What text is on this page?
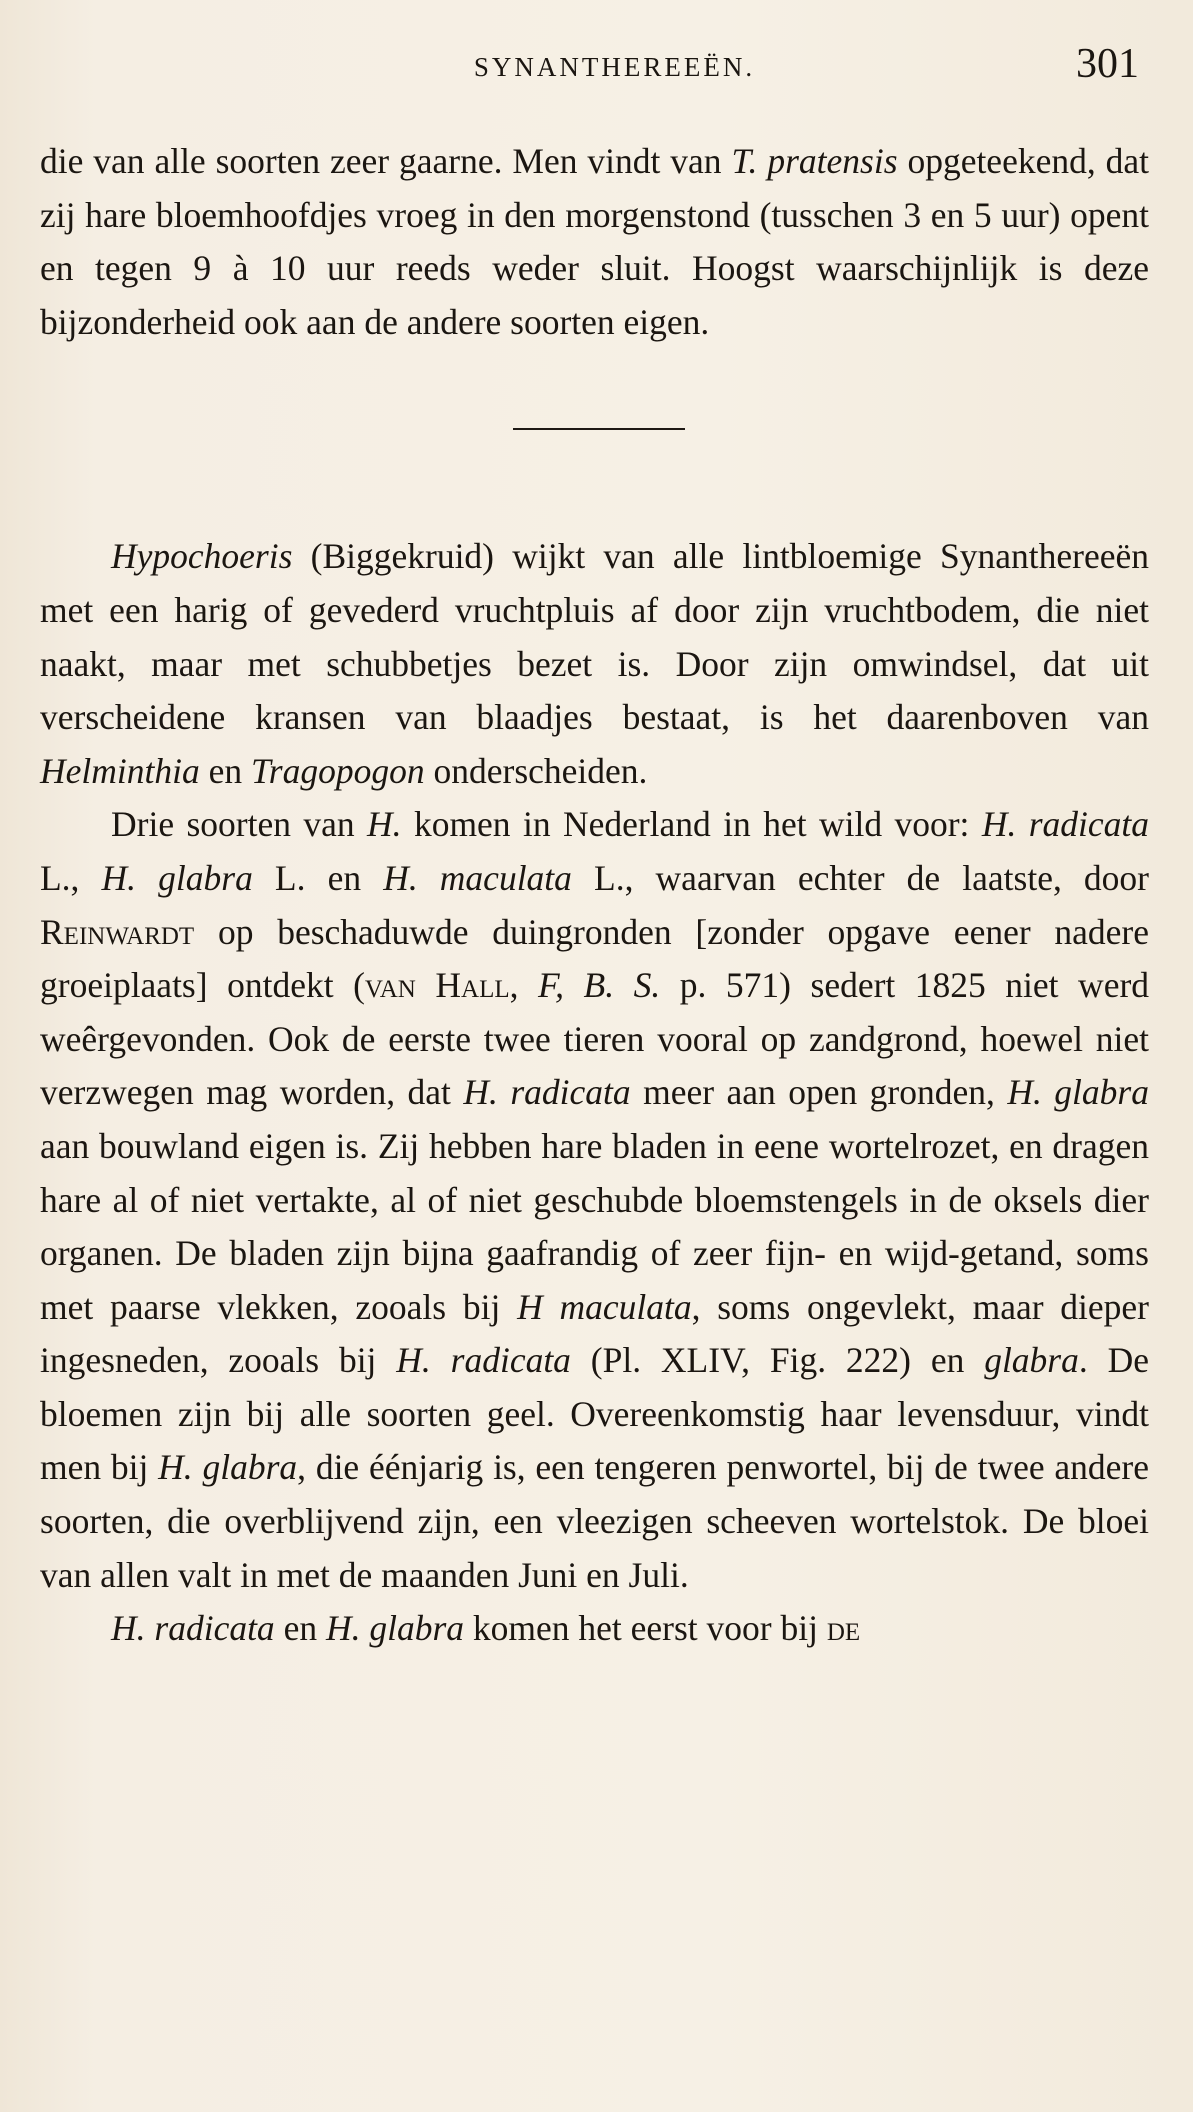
SYNANTHEREEËN.	301

die van alle soorten zeer gaarne. Men vindt van T. pratensis opgeteekend, dat zij hare bloemhoofdjes vroeg in den morgenstond (tusschen 3 en 5 uur) opent en tegen 9 à 10 uur reeds weder sluit. Hoogst waarschijnlijk is deze bijzonderheid ook aan de andere soorten eigen.

Hypochoeris (Biggekruid) wijkt van alle lintbloemige Synanthereeën met een harig of gevederd vruchtpluis af door zijn vruchtbodem, die niet naakt, maar met schubbetjes bezet is. Door zijn omwindsel, dat uit verscheidene kransen van blaadjes bestaat, is het daarenboven van Helminthia en Tragopogon onderscheiden.

Drie soorten van H. komen in Nederland in het wild voor: H. radicata L., H. glabra L. en H. maculata L., waarvan echter de laatste, door Reinwardt op beschaduwde duingronden [zonder opgave eener nadere groeiplaats] ontdekt (van Hall, F, B. S. p. 571) sedert 1825 niet werd weêrgevonden. Ook de eerste twee tieren vooral op zandgrond, hoewel niet verzwegen mag worden, dat H. radicata meer aan open gronden, H. glabra aan bouwland eigen is. Zij hebben hare bladen in eene wortelrozet, en dragen hare al of niet vertakte, al of niet geschubde bloemstengels in de oksels dier organen. De bladen zijn bijna gaafrandig of zeer fijn- en wijd-getand, soms met paarse vlekken, zooals bij H maculata, soms ongevlekt, maar dieper ingesneden, zooals bij H. radicata (Pl. XLIV, Fig. 222) en glabra. De bloemen zijn bij alle soorten geel. Overeenkomstig haar levensduur, vindt men bij H. glabra, die éénjarig is, een tengeren penwortel, bij de twee andere soorten, die overblijvend zijn, een vleezigen scheeven wortelstok. De bloei van allen valt in met de maanden Juni en Juli.

H. radicata en H. glabra komen het eerst voor bij de
